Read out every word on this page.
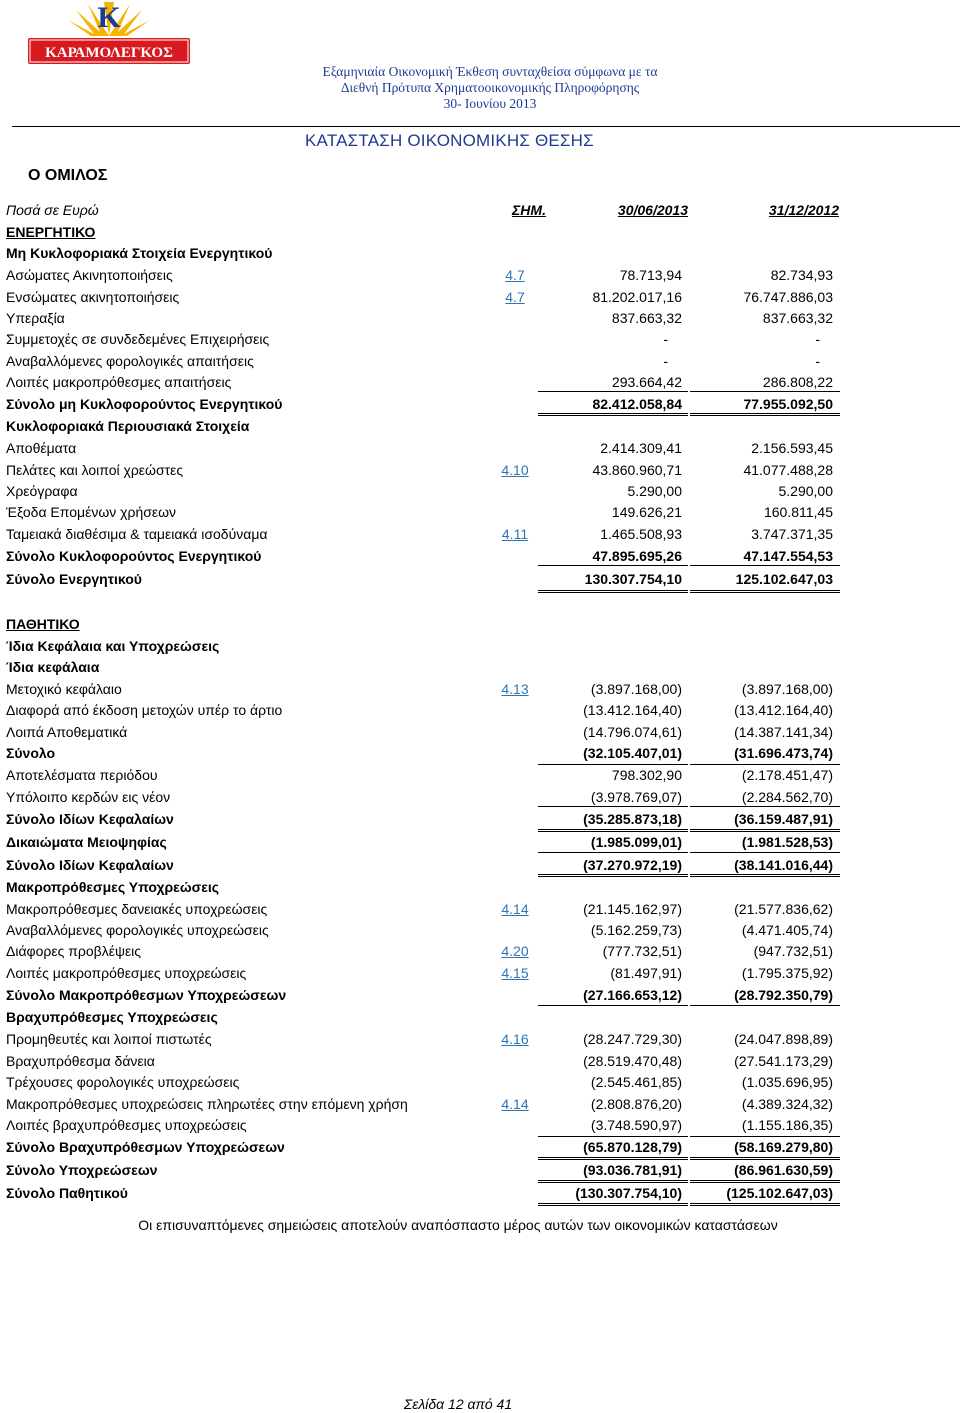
K
ΚΑΡΑΜΟΛΕΓΚΟΣ
Εξαμηνιαία Οικονομική Έκθεση συνταχθείσα σύμφωνα με τα
Διεθνή Πρότυπα Χρηματοοικονομικής Πληροφόρησης
30- Ιουνίου 2013
ΚΑΤΑΣΤΑΣΗ ΟΙΚΟΝΟΜΙΚΗΣ ΘΕΣΗΣ
Ο ΟΜΙΛΟΣ
Ποσά σε Ευρώ	ΣΗΜ.	30/06/2013	31/12/2012
ΕΝΕΡΓΗΤΙΚΟ
Μη Κυκλοφοριακά Στοιχεία Ενεργητικού
Ασώματες Ακινητοποιήσεις	4.7	78.713,94	82.734,93
Ενσώματες ακινητοποιήσεις	4.7	81.202.017,16	76.747.886,03
Υπεραξία	837.663,32	837.663,32
Συμμετοχές σε συνδεδεμένες Επιχειρήσεις	-	-
Αναβαλλόμενες φορολογικές απαιτήσεις	-	-
Λοιπές μακροπρόθεσμες απαιτήσεις	293.664,42	286.808,22
Σύνολο μη Κυκλοφορούντος Ενεργητικού	82.412.058,84	77.955.092,50
Κυκλοφοριακά Περιουσιακά Στοιχεία
Αποθέματα	2.414.309,41	2.156.593,45
Πελάτες και λοιποί χρεώστες	4.10	43.860.960,71	41.077.488,28
Χρεόγραφα	5.290,00	5.290,00
Έξοδα Επομένων χρήσεων	149.626,21	160.811,45
Ταμειακά διαθέσιμα & ταμειακά ισοδύναμα	4.11	1.465.508,93	3.747.371,35
Σύνολο Κυκλοφορούντος Ενεργητικού	47.895.695,26	47.147.554,53
Σύνολο Ενεργητικού	130.307.754,10	125.102.647,03
ΠΑΘΗΤΙΚΟ
Ίδια Κεφάλαια και Υποχρεώσεις
Ίδια κεφάλαια
Μετοχικό κεφάλαιο	4.13	(3.897.168,00)	(3.897.168,00)
Διαφορά από έκδοση μετοχών υπέρ το άρτιο	(13.412.164,40)	(13.412.164,40)
Λοιπά Αποθεματικά	(14.796.074,61)	(14.387.141,34)
Σύνολο	(32.105.407,01)	(31.696.473,74)
Αποτελέσματα περιόδου	798.302,90	(2.178.451,47)
Υπόλοιπο κερδών εις νέον	(3.978.769,07)	(2.284.562,70)
Σύνολο Ιδίων Κεφαλαίων	(35.285.873,18)	(36.159.487,91)
Δικαιώματα Μειοψηφίας	(1.985.099,01)	(1.981.528,53)
Σύνολο Ιδίων Κεφαλαίων	(37.270.972,19)	(38.141.016,44)
Μακροπρόθεσμες Υποχρεώσεις
Μακροπρόθεσμες δανειακές υποχρεώσεις	4.14	(21.145.162,97)	(21.577.836,62)
Αναβαλλόμενες φορολογικές υποχρεώσεις	(5.162.259,73)	(4.471.405,74)
Διάφορες προβλέψεις	4.20	(777.732,51)	(947.732,51)
Λοιπές μακροπρόθεσμες υποχρεώσεις	4.15	(81.497,91)	(1.795.375,92)
Σύνολο Μακροπρόθεσμων Υποχρεώσεων	(27.166.653,12)	(28.792.350,79)
Βραχυπρόθεσμες Υποχρεώσεις
Προμηθευτές και λοιποί πιστωτές	4.16	(28.247.729,30)	(24.047.898,89)
Βραχυπρόθεσμα δάνεια	(28.519.470,48)	(27.541.173,29)
Τρέχουσες φορολογικές υποχρεώσεις	(2.545.461,85)	(1.035.696,95)
Μακροπρόθεσμες υποχρεώσεις πληρωτέες στην επόμενη χρήση	4.14	(2.808.876,20)	(4.389.324,32)
Λοιπές βραχυπρόθεσμες υποχρεώσεις	(3.748.590,97)	(1.155.186,35)
Σύνολο Βραχυπρόθεσμων Υποχρεώσεων	(65.870.128,79)	(58.169.279,80)
Σύνολο Υποχρεώσεων	(93.036.781,91)	(86.961.630,59)
Σύνολο Παθητικού	(130.307.754,10)	(125.102.647,03)
Οι επισυναπτόμενες σημειώσεις αποτελούν αναπόσπαστο μέρος αυτών των οικονομικών καταστάσεων
Σελίδα 12 από 41
